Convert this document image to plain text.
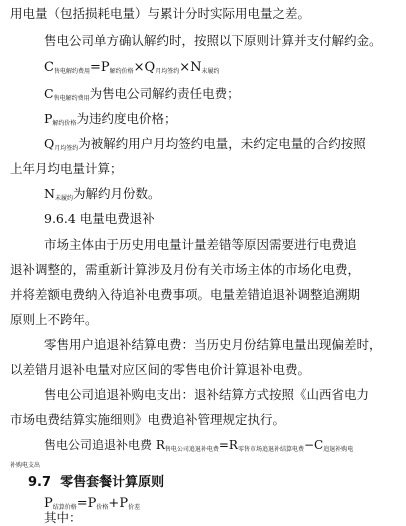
用电量（包括损耗电量）与累计分时实际用电量之差。
售电公司单方确认解约时，按照以下原则计算并支付解约金。
$C_{售电解约费用}=P_{解约价格}\times Q_{月均签约}\times N_{未履约}$
$C_{售电解约费用}$为售电公司解约责任电费；
$P_{解约价格}$为违约度电价格；
$Q_{月均签约}$为被解约用户月均签约电量，未约定电量的合约按照
上年月均电量计算；
$N_{未履约}$为解约月份数。
9.6.4 电量电费退补
市场主体由于历史用电量计量差错等原因需要进行电费追
退补调整的，需重新计算涉及月份有关市场主体的市场化电费，
并将差额电费纳入待追补电费事项。电量差错追退补调整追溯期
原则上不跨年。
零售用户追退补结算电费：当历史月份结算电量出现偏差时，
以差错月退补电量对应区间的零售电价计算退补电费。
售电公司追退补购电支出：退补结算方式按照《山西省电力
市场电费结算实施细则》电费追补管理规定执行。
售电公司追退补电费 $R_{售电公司追退补电费}=R_{零售市场追退补结算电费}-C_{追退补购电}$
补购电支出
9.7 零售套餐计算原则
$P_{结算价格}=P_{价格}+P_{价差}$
其中：
